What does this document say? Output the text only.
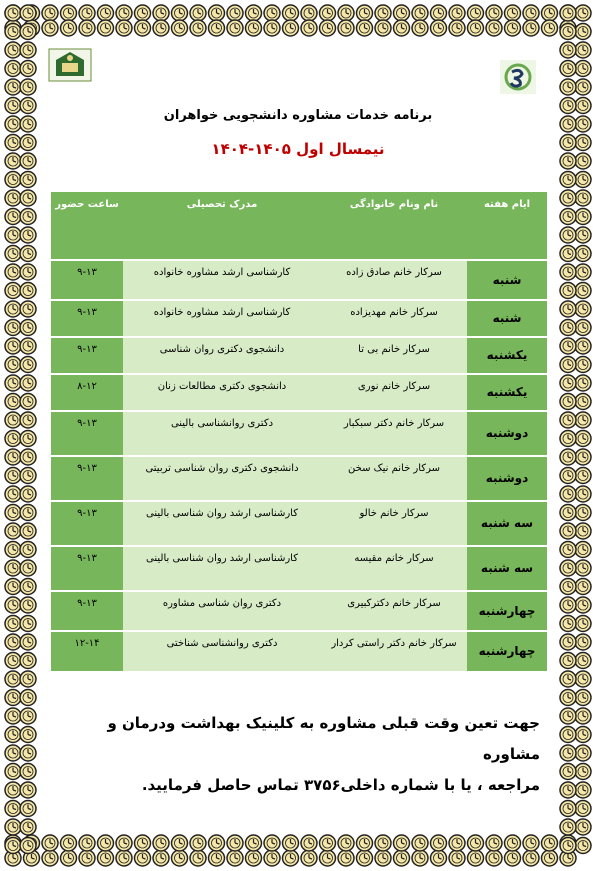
برنامه خدمات مشاوره دانشجویی خواهران
نیمسال اول ۱۴۰۵-۱۴۰۴
ایام هفته	نام ونام خانوادگی	مدرک تحصیلی	ساعت حضور
شنبه	سرکار خانم صادق زاده	کارشناسی ارشد مشاوره خانواده	۹-۱۳
شنبه	سرکار خانم مهدیزاده	کارشناسی ارشد مشاوره خانواده	۹-۱۳
یکشنبه	سرکار خانم بی تا	دانشجوی دکتری روان شناسی	۹-۱۳
یکشنبه	سرکار خانم نوری	دانشجوی دکتری مطالعات زنان	۸-۱۲
دوشنبه	سرکار خانم دکتر سبکبار	دکتری روانشناسی بالینی	۹-۱۳
دوشنبه	سرکار خانم نیک سخن	دانشجوی دکتری روان شناسی تربیتی	۹-۱۳
سه شنبه	سرکار خانم خالو	کارشناسی ارشد روان شناسی بالینی	۹-۱۳
سه شنبه	سرکار خانم مقیسه	کارشناسی ارشد روان شناسی بالینی	۹-۱۳
چهارشنبه	سرکار خانم دکترکبیری	دکتری روان شناسی مشاوره	۹-۱۳
چهارشنبه	سرکار خانم دکتر راستی کردار	دکتری روانشناسی شناختی	۱۲-۱۴
جهت تعین وقت قبلی مشاوره به کلینیک بهداشت ودرمان و مشاوره
مراجعه ، یا با شماره داخلی۳۷۵۶ تماس حاصل فرمایید.
